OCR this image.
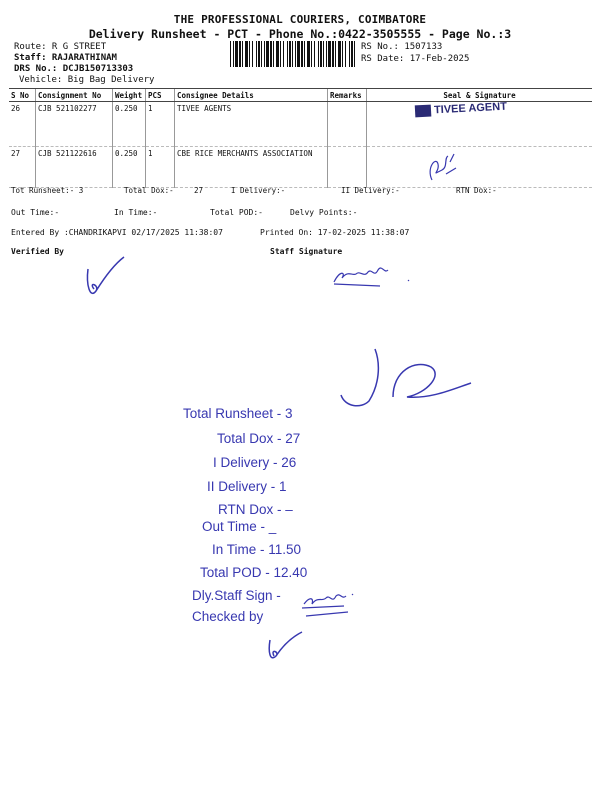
THE PROFESSIONAL COURIERS, COIMBATORE
Delivery Runsheet - PCT - Phone No.:0422-3505555 - Page No.:3
Route: R G STREET
Staff: RAJARATHINAM
DRS No.: DCJB150713303
Vehicle: Big Bag Delivery
RS No.: 1507133
RS Date: 17-Feb-2025
S No	Consignment No	Weight	PCS	Consignee Details	Remarks	Seal & Signature
26	CJB 521102277	0.250	1	TIVEE AGENTS		
27	CJB 521122616	0.250	1	CBE RICE MERCHANTS ASSOCIATION		
TIVEE AGENT
Tot Runsheet:- 3	Total Dox:-	27	I Delivery:-	II Delivery:-	RTN Dox:-
Out Time:-	In Time:-	Total POD:-	Delvy Points:-
Entered By :CHANDRIKAPVI 02/17/2025 11:38:07	Printed On: 17-02-2025 11:38:07
Verified By	Staff Signature
Total Runsheet - 3
Total Dox - 27
I Delivery - 26
II Delivery - 1
RTN Dox - –
Out Time - _
In Time - 11.50
Total POD - 12.40
Dly.Staff Sign -
Checked by
